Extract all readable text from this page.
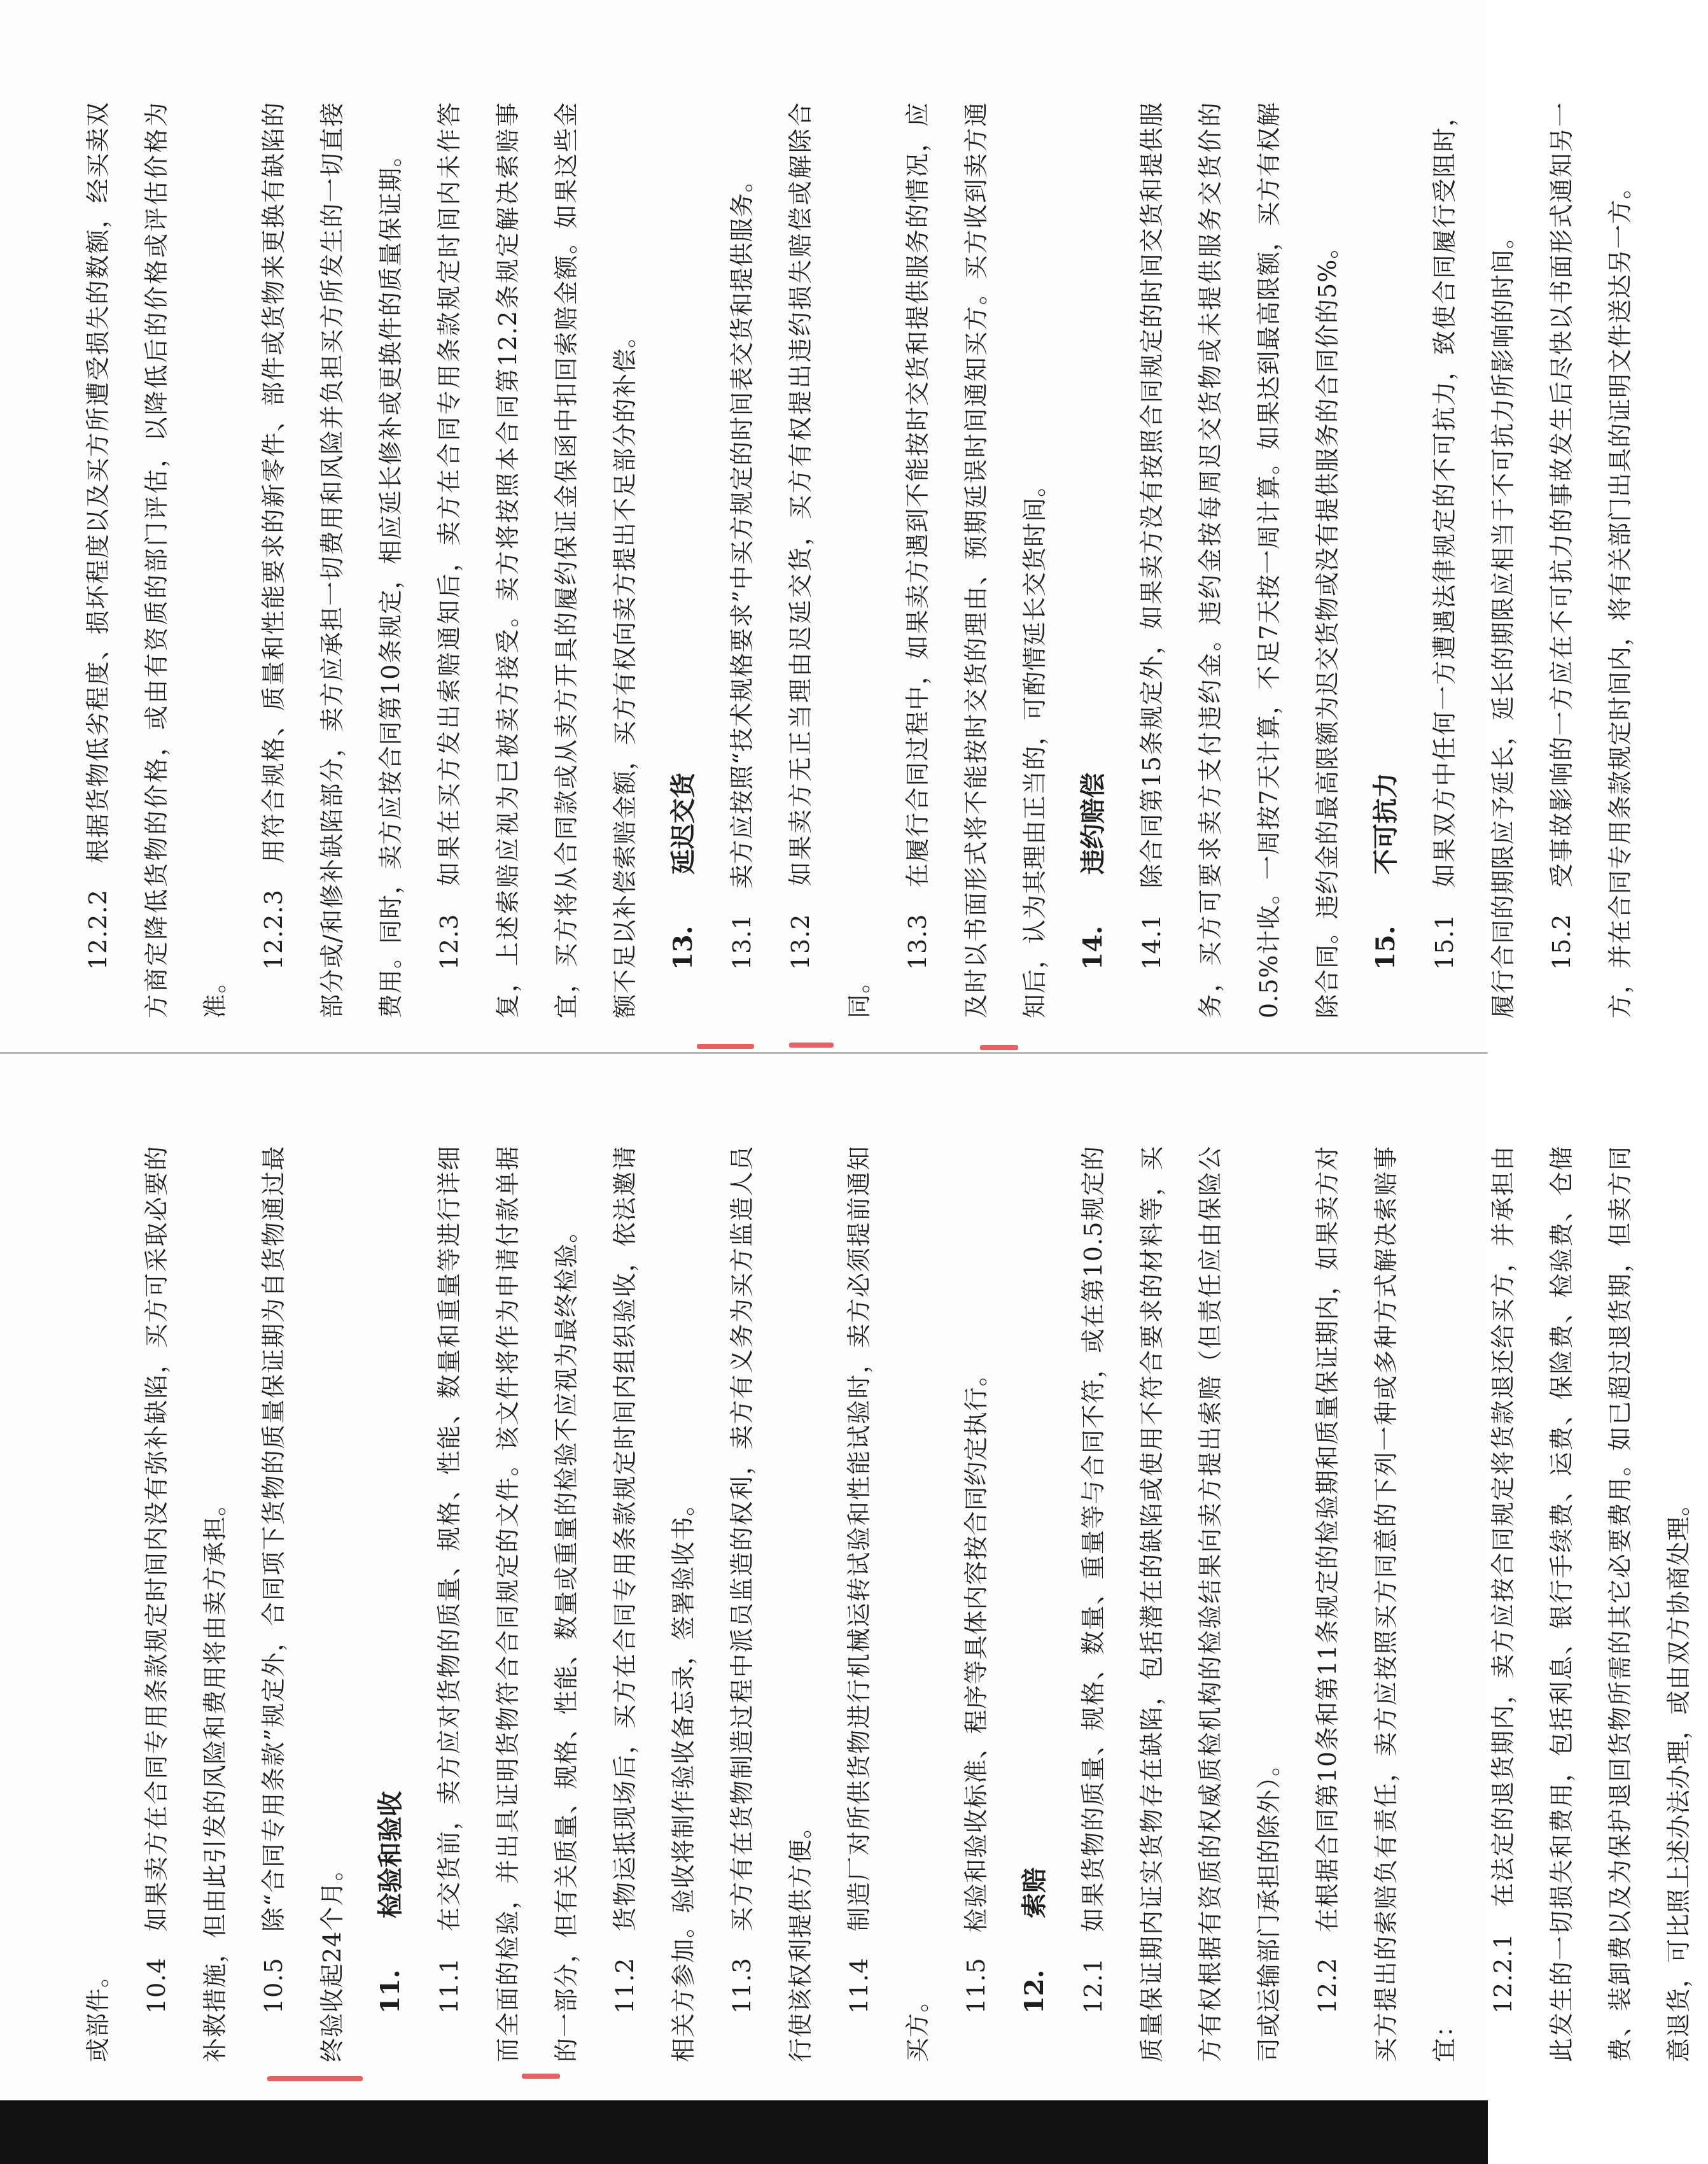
或部件。	10.4　如果卖方在合同专用条款规定时间内没有弥补缺陷，买方可采取必要的补救措施，但由此引发的风险和费用将由卖方承担。	10.5　除“合同专用条款”规定外，合同项下货物的质量保证期为自货物通过最终验收起24个月。	11.检验和验收	11.1　在交货前，卖方应对货物的质量、规格、性能、数量和重量等进行详细而全面的检验，并出具证明货物符合合同规定的文件。该文件将作为申请付款单据的一部分，但有关质量、规格、性能、数量或重量的检验不应视为最终检验。	11.2　货物运抵现场后，买方在合同专用条款规定时间内组织验收，依法邀请相关方参加。验收将制作验收备忘录，签署验收书。	11.3　买方有在货物制造过程中派员监造的权利，卖方有义务为买方监造人员行使该权利提供方便。	11.4　制造厂对所供货物进行机械运转试验和性能试验时，卖方必须提前通知买方。

11.5　检验和验收标准、程序等具体内容按合同约定执行。	12.索赔	12.1　如果货物的质量、规格、数量、重量等与合同不符，或在第10.5规定的质量保证期内证实货物存在缺陷，包括潜在的缺陷或使用不符合要求的材料等，买方有权根据有资质的权威质检机构的检验结果向卖方提出索赔（但责任应由保险公司或运输部门承担的除外）。	12.2　在根据合同第10条和第11条规定的检验期和质量保证期内，如果卖方对买方提出的索赔负有责任，卖方应按照买方同意的下列一种或多种方式解决索赔事宜：

12.2.1　在法定的退货期内，卖方应按合同规定将货款退还给买方，并承担由此发生的一切损失和费用，包括利息、银行手续费、运费、保险费、检验费、仓储费、装卸费以及为保护退回货物所需的其它必要费用。如已超过退货期，但卖方同意退货，可比照上述办法办理，或由双方协商处理。

12.2.2　根据货物低劣程度、损坏程度以及买方所遭受损失的数额，经买卖双方商定降低货物的价格，或由有资质的部门评估，以降低后的价格或评估价格为准。

12.2.3　用符合规格、质量和性能要求的新零件、部件或货物来更换有缺陷的部分或/和修补缺陷部分，卖方应承担一切费用和风险并负担买方所发生的一切直接费用。同时，卖方应按合同第10条规定，相应延长修补或更换件的质量保证期。	12.3　如果在买方发出索赔通知后，卖方在合同专用条款规定时间内未作答复，上述索赔应视为已被卖方接受。卖方将按照本合同第12.2条规定解决索赔事宜，买方将从合同款或从卖方开具的履约保证金保函中扣回索赔金额。如果这些金额不足以补偿索赔金额，买方有权向卖方提出不足部分的补偿。	13.延迟交货	13.1　卖方应按照“技术规格要求”中买方规定的时间表交货和提供服务。	13.2　如果卖方无正当理由迟延交货，买方有权提出违约损失赔偿或解除合同。

13.3　在履行合同过程中，如果卖方遇到不能按时交货和提供服务的情况，应及时以书面形式将不能按时交货的理由、预期延误时间通知买方。买方收到卖方通知后，认为其理由正当的，可酌情延长交货时间。	14.违约赔偿	14.1　除合同第15条规定外，如果卖方没有按照合同规定的时间交货和提供服务，买方可要求卖方支付违约金。违约金按每周迟交货物或未提供服务交货价的0.5%计收。一周按7天计算，不足7天按一周计算。如果达到最高限额，买方有权解除合同。违约金的最高限额为迟交货物或没有提供服务的合同价的5%。	15.不可抗力	15.1　如果双方中任何一方遭遇法律规定的不可抗力，致使合同履行受阻时，履行合同的期限应予延长，延长的期限应相当于不可抗力所影响的时间。	15.2　受事故影响的一方应在不可抗力的事故发生后尽快以书面形式通知另一方，并在合同专用条款规定时间内，将有关部门出具的证明文件送达另一方。
